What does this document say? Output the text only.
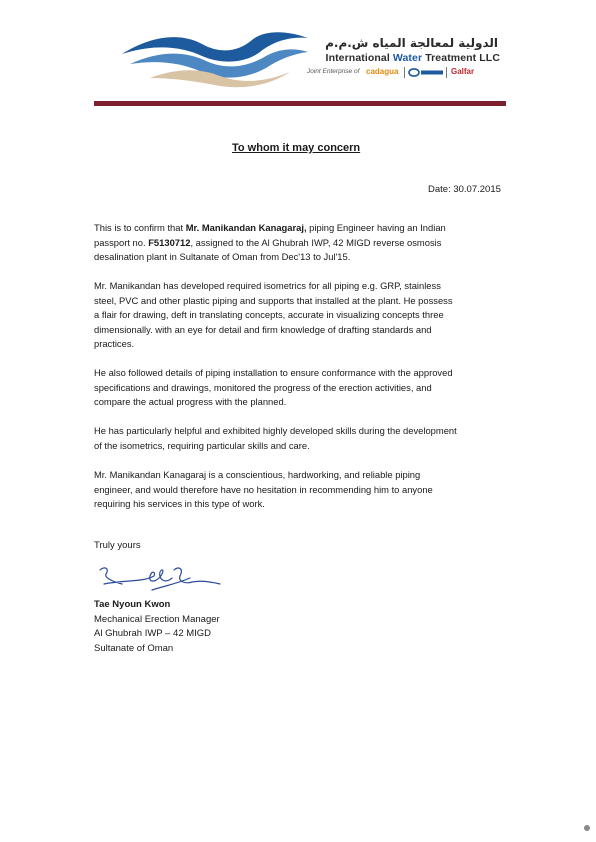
الدولية لمعالجة المياه ش.م.م
International Water Treatment LLC
Joint Enterprise of cadagua	Galfar
To whom it may concern
Date: 30.07.2015
This is to confirm that Mr. Manikandan Kanagaraj, piping Engineer having an Indian
passport no. F5130712, assigned to the Al Ghubrah IWP, 42 MIGD reverse osmosis
desalination plant in Sultanate of Oman from Dec'13 to Jul'15.
Mr. Manikandan has developed required isometrics for all piping e.g. GRP, stainless
steel, PVC and other plastic piping and supports that installed at the plant. He possess
a flair for drawing, deft in translating concepts, accurate in visualizing concepts three
dimensionally. with an eye for detail and firm knowledge of drafting standards and
practices.
He also followed details of piping installation to ensure conformance with the approved
specifications and drawings, monitored the progress of the erection activities, and
compare the actual progress with the planned.
He has particularly helpful and exhibited highly developed skills during the development
of the isometrics, requiring particular skills and care.
Mr. Manikandan Kanagaraj is a conscientious, hardworking, and reliable piping
engineer, and would therefore have no hesitation in recommending him to anyone
requiring his services in this type of work.
Truly yours
Tae Nyoun Kwon
Mechanical Erection Manager
Al Ghubrah IWP – 42 MIGD
Sultanate of Oman
